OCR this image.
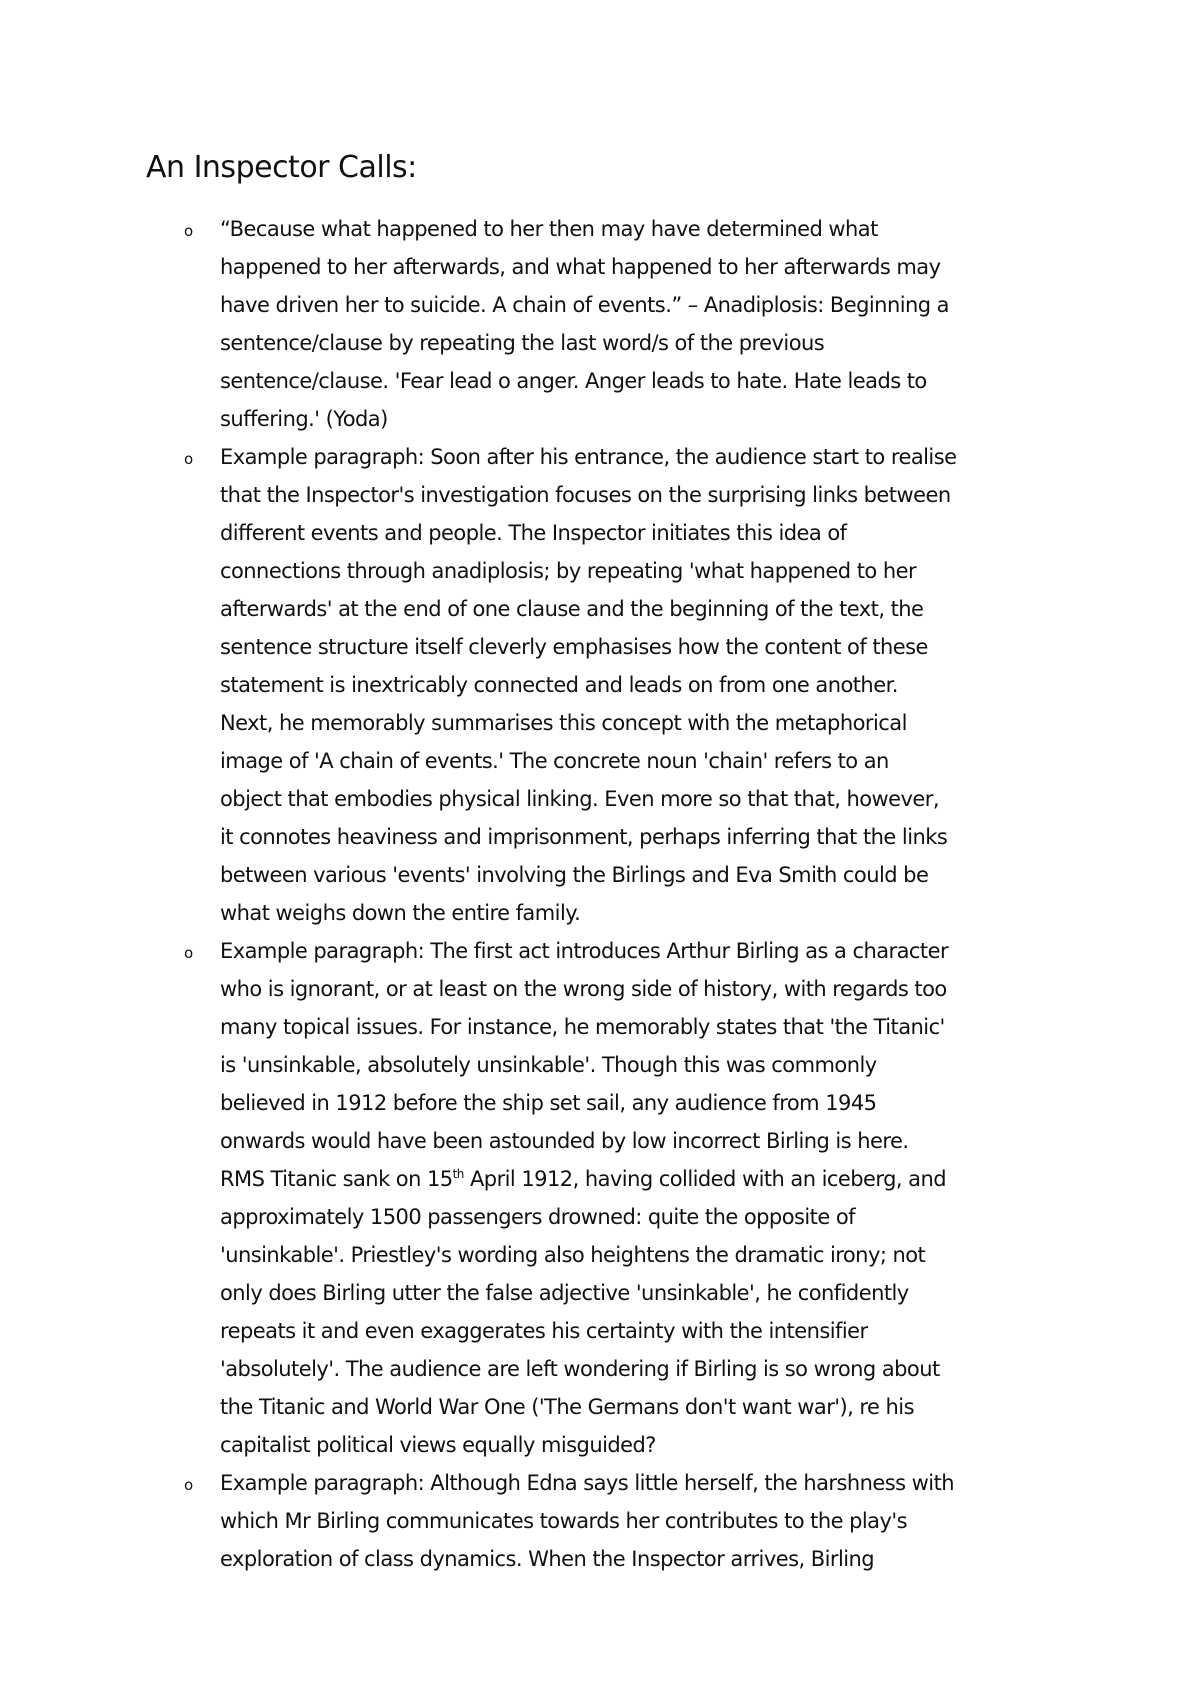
An Inspector Calls:
o “Because what happened to her then may have determined what
happened to her afterwards, and what happened to her afterwards may
have driven her to suicide. A chain of events.” – Anadiplosis: Beginning a
sentence/clause by repeating the last word/s of the previous
sentence/clause. 'Fear lead o anger. Anger leads to hate. Hate leads to
suffering.' (Yoda)
o Example paragraph: Soon after his entrance, the audience start to realise
that the Inspector's investigation focuses on the surprising links between
different events and people. The Inspector initiates this idea of
connections through anadiplosis; by repeating 'what happened to her
afterwards' at the end of one clause and the beginning of the text, the
sentence structure itself cleverly emphasises how the content of these
statement is inextricably connected and leads on from one another.
Next, he memorably summarises this concept with the metaphorical
image of 'A chain of events.' The concrete noun 'chain' refers to an
object that embodies physical linking. Even more so that that, however,
it connotes heaviness and imprisonment, perhaps inferring that the links
between various 'events' involving the Birlings and Eva Smith could be
what weighs down the entire family.
o Example paragraph: The first act introduces Arthur Birling as a character
who is ignorant, or at least on the wrong side of history, with regards too
many topical issues. For instance, he memorably states that 'the Titanic'
is 'unsinkable, absolutely unsinkable'. Though this was commonly
believed in 1912 before the ship set sail, any audience from 1945
onwards would have been astounded by low incorrect Birling is here.
RMS Titanic sank on 15th April 1912, having collided with an iceberg, and
approximately 1500 passengers drowned: quite the opposite of
'unsinkable'. Priestley's wording also heightens the dramatic irony; not
only does Birling utter the false adjective 'unsinkable', he confidently
repeats it and even exaggerates his certainty with the intensifier
'absolutely'. The audience are left wondering if Birling is so wrong about
the Titanic and World War One ('The Germans don't want war'), re his
capitalist political views equally misguided?
o Example paragraph: Although Edna says little herself, the harshness with
which Mr Birling communicates towards her contributes to the play's
exploration of class dynamics. When the Inspector arrives, Birling
